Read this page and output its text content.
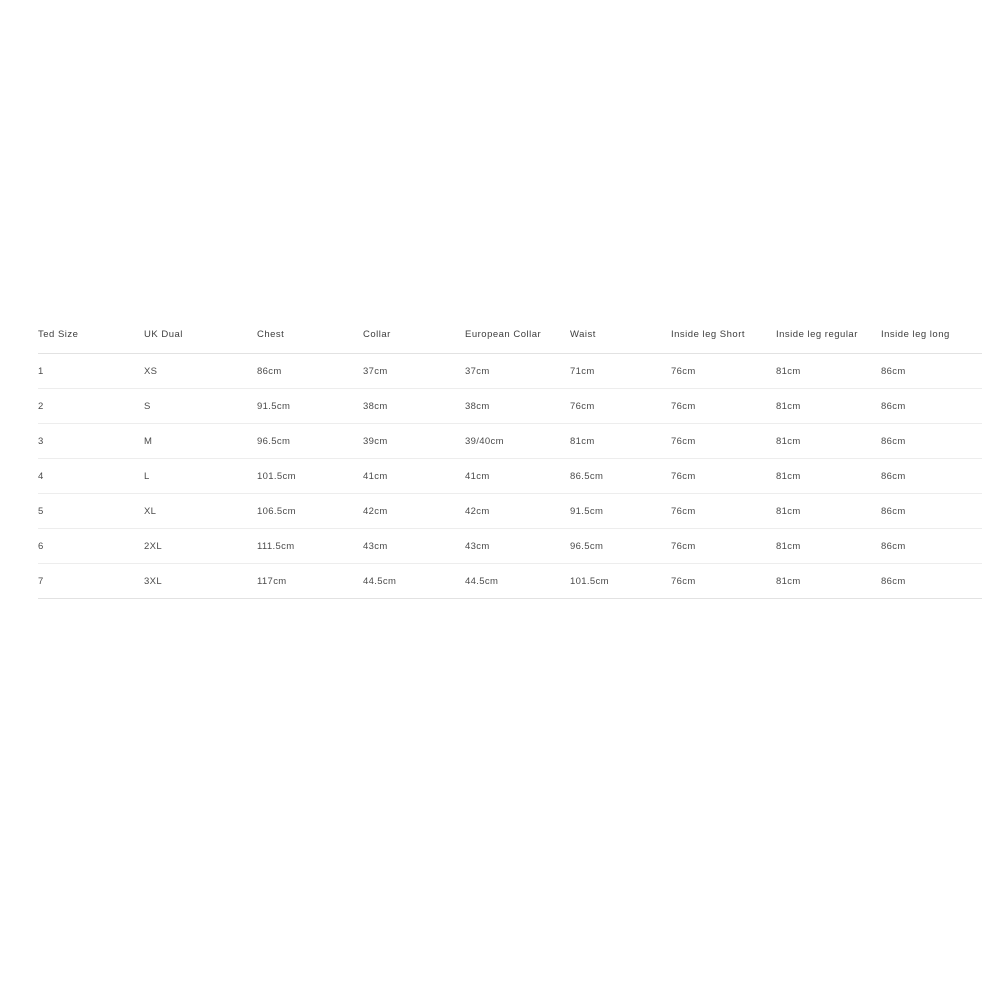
Ted Size	UK Dual	Chest	Collar	European Collar	Waist	Inside leg Short	Inside leg regular	Inside leg long
1	XS	86cm	37cm	37cm	71cm	76cm	81cm	86cm
2	S	91.5cm	38cm	38cm	76cm	76cm	81cm	86cm
3	M	96.5cm	39cm	39/40cm	81cm	76cm	81cm	86cm
4	L	101.5cm	41cm	41cm	86.5cm	76cm	81cm	86cm
5	XL	106.5cm	42cm	42cm	91.5cm	76cm	81cm	86cm
6	2XL	111.5cm	43cm	43cm	96.5cm	76cm	81cm	86cm
7	3XL	117cm	44.5cm	44.5cm	101.5cm	76cm	81cm	86cm
